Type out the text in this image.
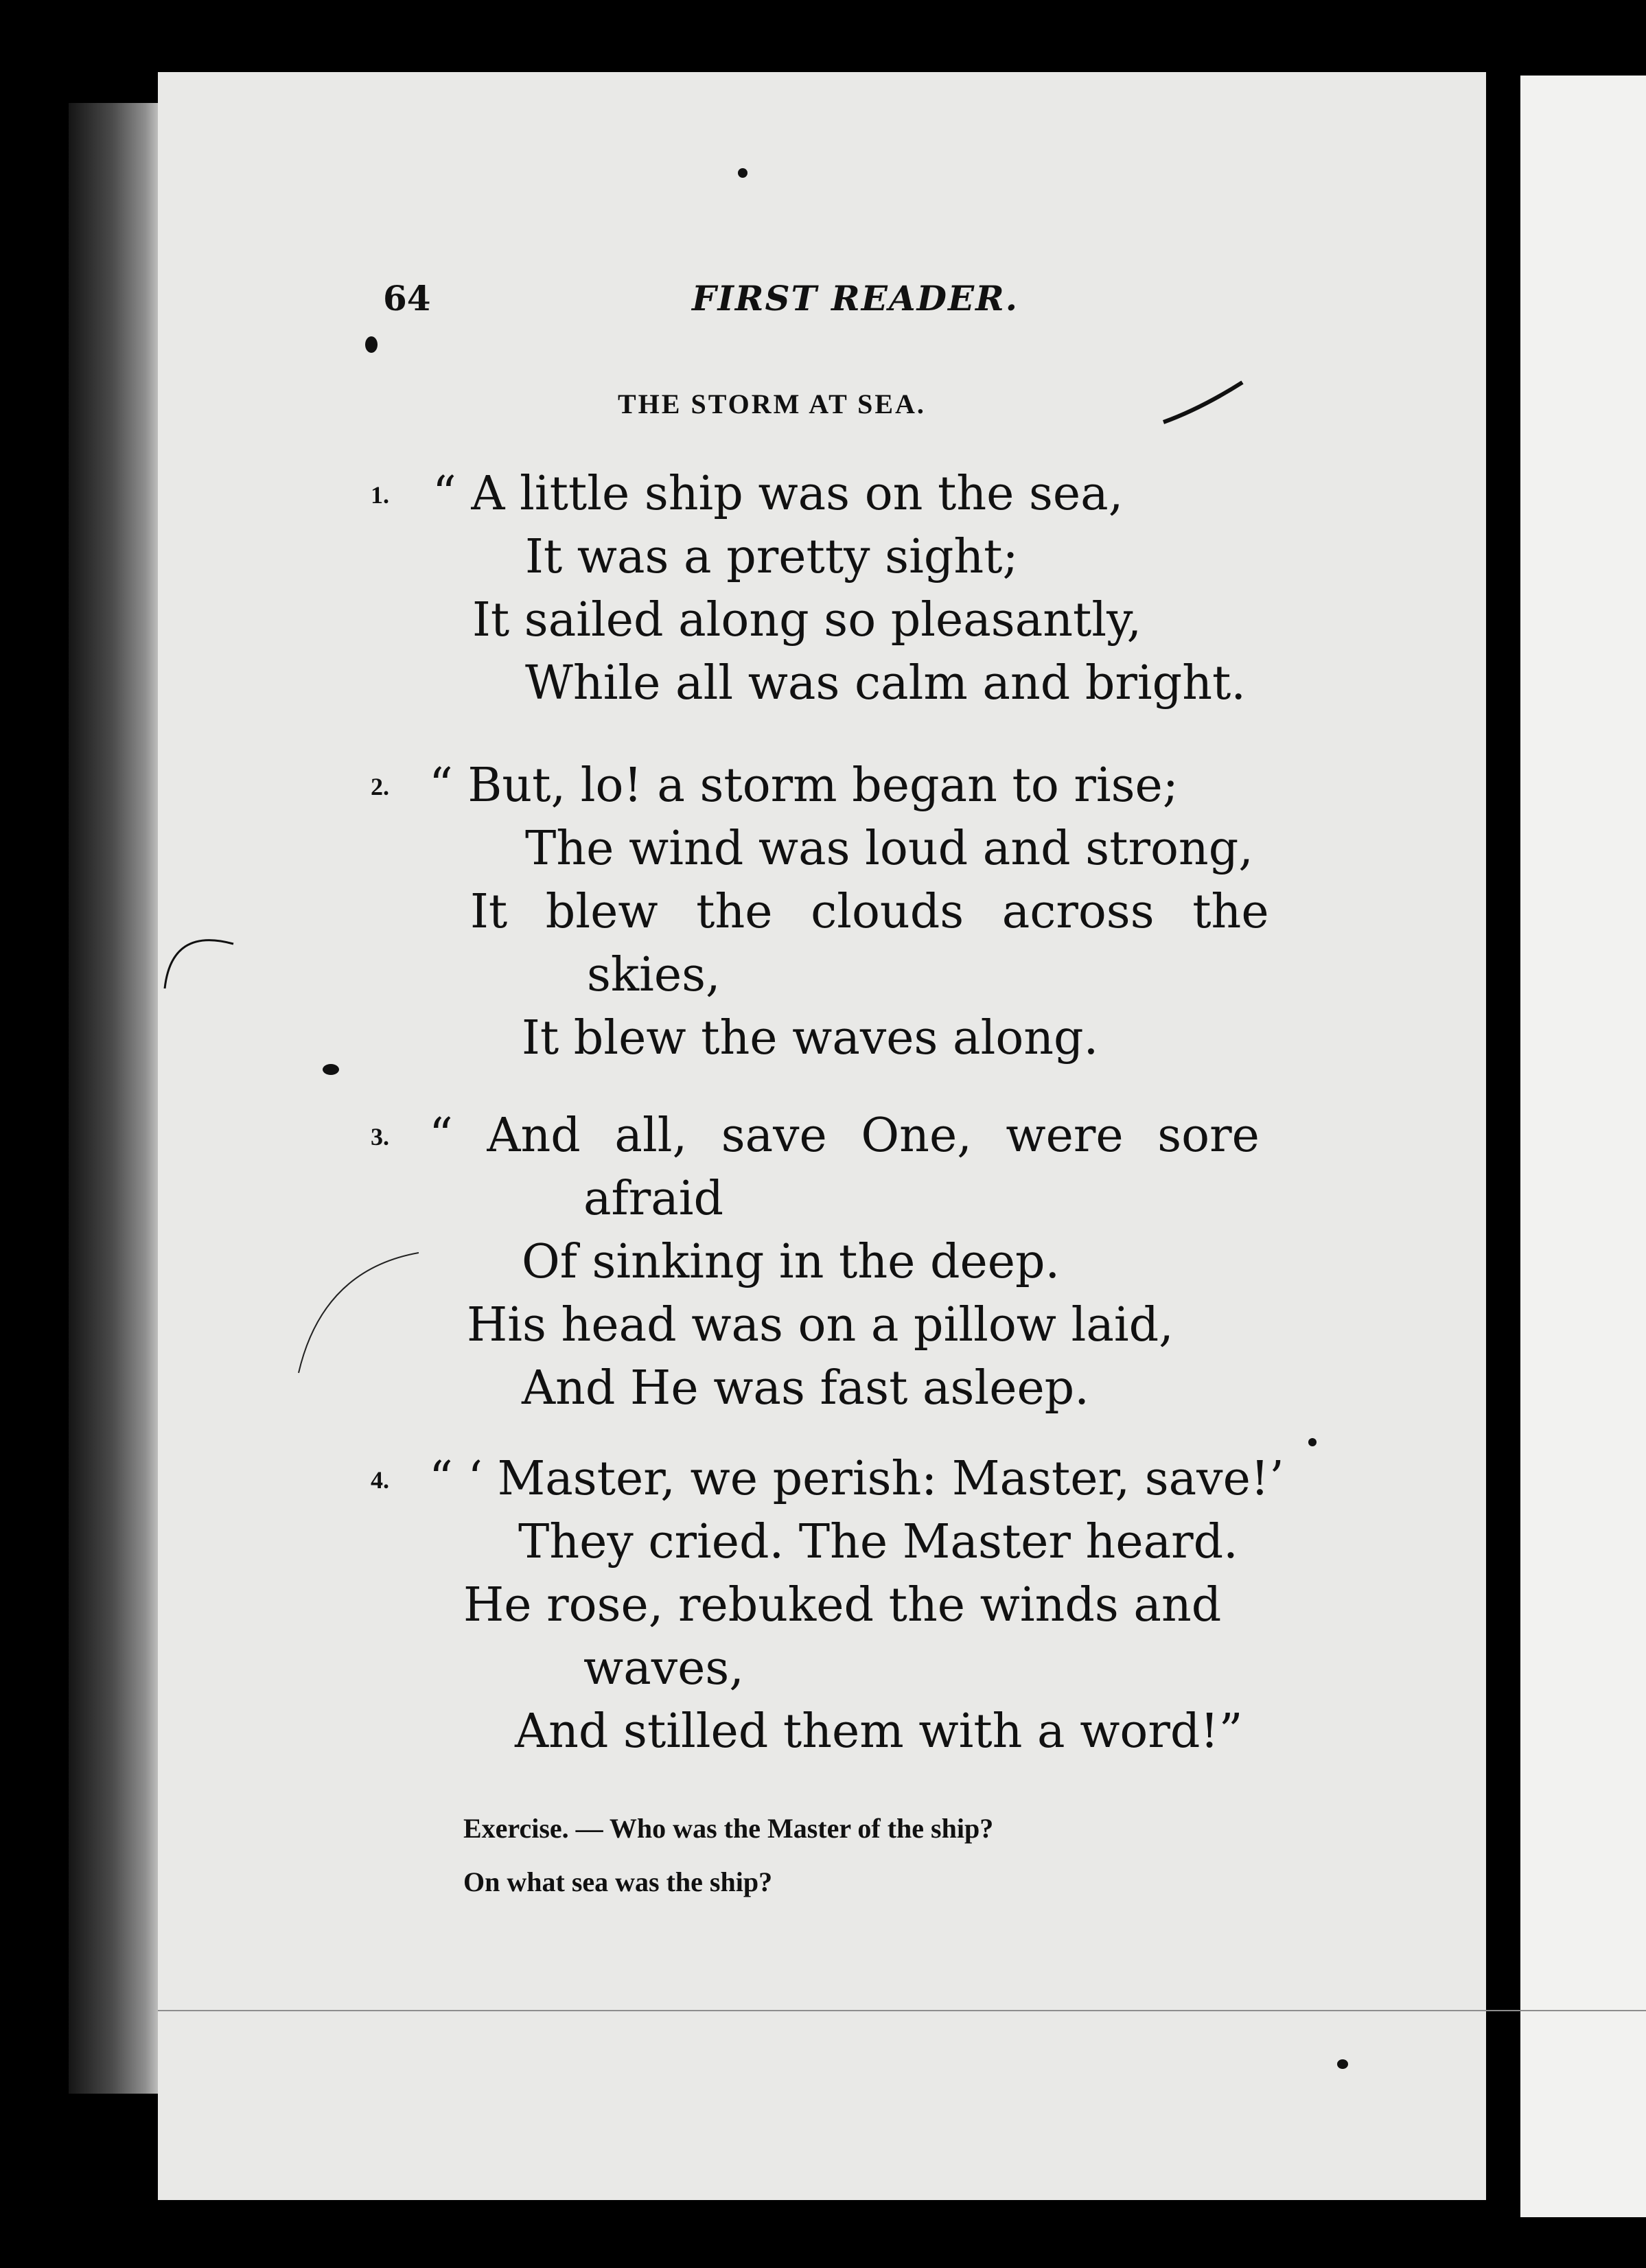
64	FIRST READER.
THE STORM AT SEA.
1. “ A little ship was on the sea,
It was a pretty sight;
It sailed along so pleasantly,
While all was calm and bright.
2. “ But, lo! a storm began to rise;
The wind was loud and strong,
It blew the clouds across the
skies,
It blew the waves along.
3. “ And all, save One, were sore
afraid
Of sinking in the deep.
His head was on a pillow laid,
And He was fast asleep.
4. “ ‘ Master, we perish: Master, save!’
They cried. The Master heard.
He rose, rebuked the winds and
waves,
And stilled them with a word!”
Exercise. — Who was the Master of the ship?
On what sea was the ship?
